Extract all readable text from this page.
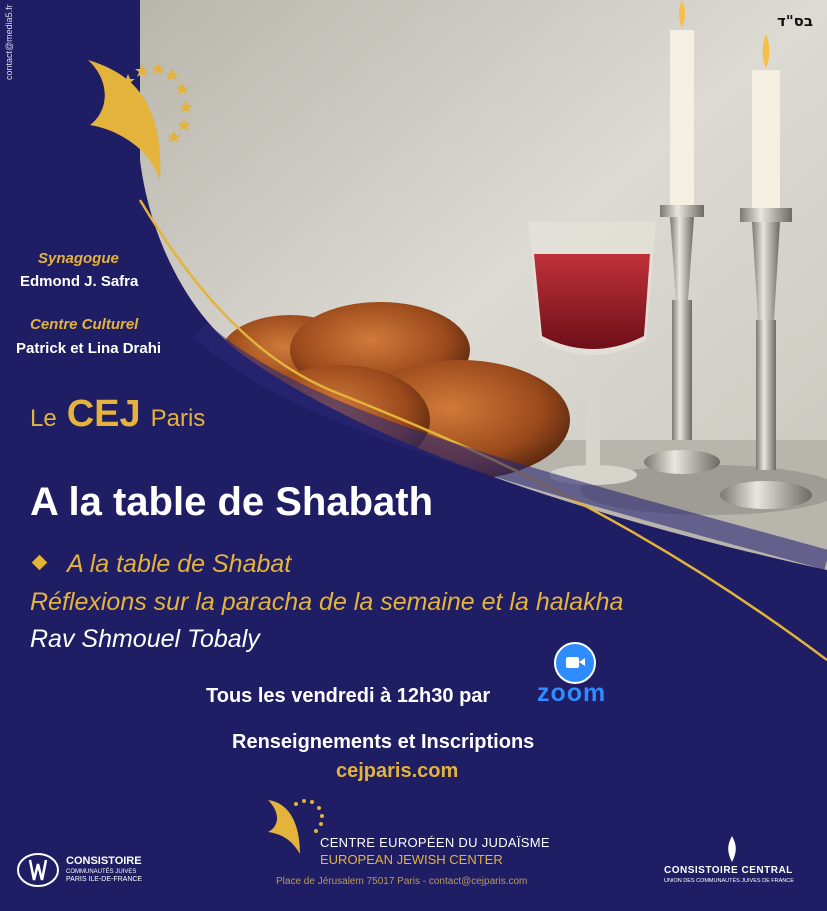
בס"ד
contact@media5.fr
Synagogue
Edmond J. Safra
Centre Culturel
Patrick et Lina Drahi
Le CEJ Paris
A la table de Shabath
A la table de Shabat
Réflexions sur la paracha de la semaine et la halakha
Rav Shmouel Tobaly
Tous les vendredi à 12h30 par zoom
Renseignements et Inscriptions
cejparis.com
CENTRE EUROPÉEN DU JUDAÏSME
EUROPEAN JEWISH CENTER
Place de Jérusalem 75017 Paris - contact@cejparis.com
CONSISTOIRE
COMMUNAUTÉS JUIVES
PARIS ILE-DE-FRANCE
CONSISTOIRE CENTRAL
UNION DES COMMUNAUTÉS JUIVES DE FRANCE
